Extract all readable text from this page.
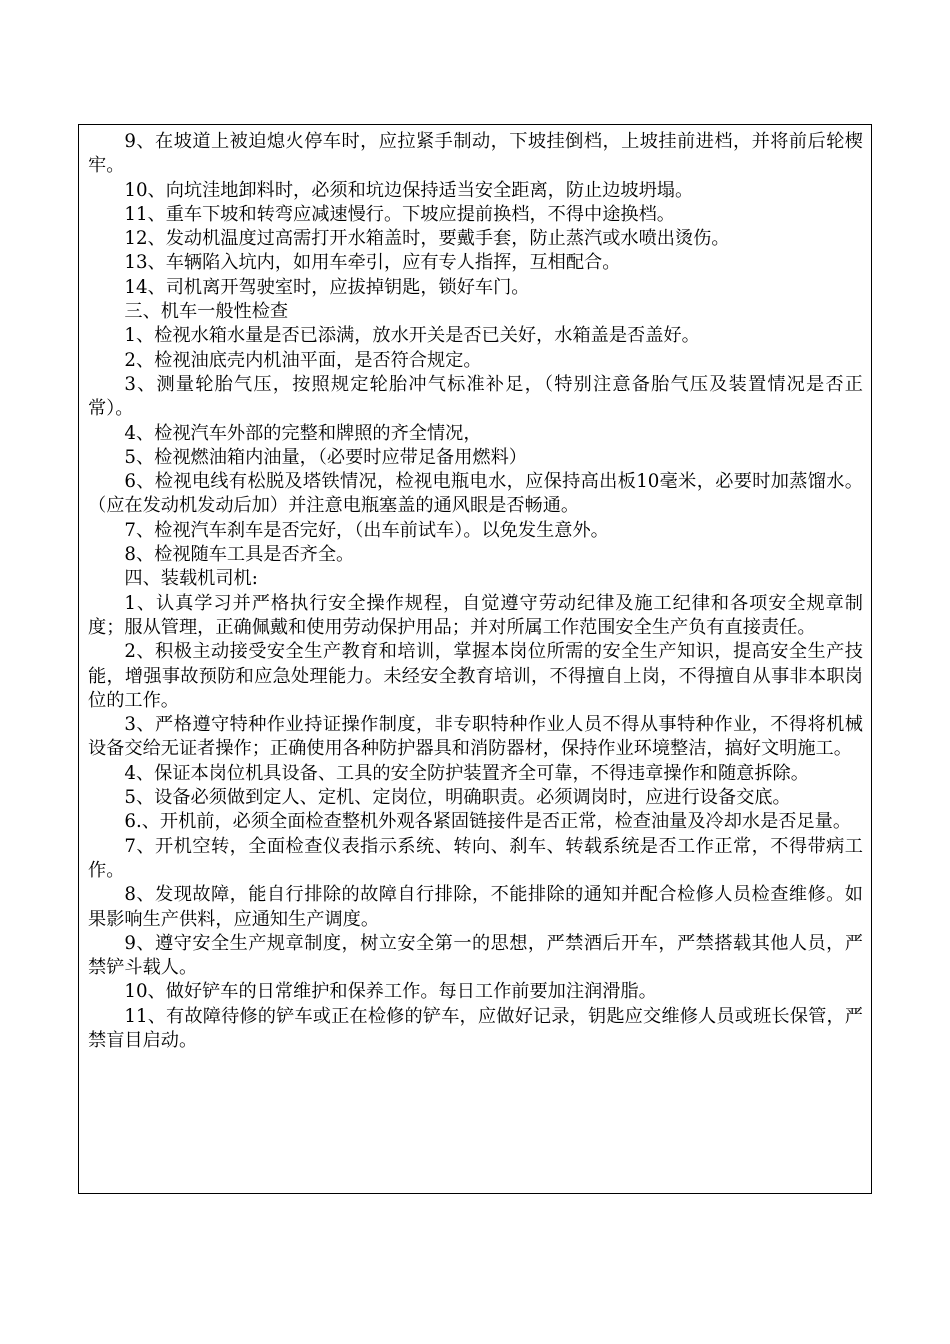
9、在坡道上被迫熄火停车时，应拉紧手制动，下坡挂倒档，上坡挂前进档，并将前后轮楔牢。

10、向坑洼地卸料时，必须和坑边保持适当安全距离，防止边坡坍塌。

11、重车下坡和转弯应减速慢行。下坡应提前换档，不得中途换档。

12、发动机温度过高需打开水箱盖时，要戴手套，防止蒸汽或水喷出烫伤。

13、车辆陷入坑内，如用车牵引，应有专人指挥，互相配合。

14、司机离开驾驶室时，应拔掉钥匙，锁好车门。

三、机车一般性检查

1、检视水箱水量是否已添满，放水开关是否已关好，水箱盖是否盖好。

2、检视油底壳内机油平面，是否符合规定。

3、测量轮胎气压，按照规定轮胎冲气标准补足，（特别注意备胎气压及装置情况是否正常）。

4、检视汽车外部的完整和牌照的齐全情况，

5、检视燃油箱内油量，（必要时应带足备用燃料）

6、检视电线有松脱及塔铁情况，检视电瓶电水，应保持高出板10毫米，必要时加蒸馏水。（应在发动机发动后加）并注意电瓶塞盖的通风眼是否畅通。

7、检视汽车刹车是否完好，（出车前试车）。以免发生意外。

8、检视随车工具是否齐全。

四、装载机司机:

1、认真学习并严格执行安全操作规程，自觉遵守劳动纪律及施工纪律和各项安全规章制度；服从管理，正确佩戴和使用劳动保护用品；并对所属工作范围安全生产负有直接责任。

2、积极主动接受安全生产教育和培训，掌握本岗位所需的安全生产知识，提高安全生产技能，增强事故预防和应急处理能力。未经安全教育培训，不得擅自上岗，不得擅自从事非本职岗位的工作。

3、严格遵守特种作业持证操作制度，非专职特种作业人员不得从事特种作业，不得将机械设备交给无证者操作；正确使用各种防护器具和消防器材，保持作业环境整洁，搞好文明施工。

4、保证本岗位机具设备、工具的安全防护装置齐全可靠，不得违章操作和随意拆除。

5、设备必须做到定人、定机、定岗位，明确职责。必须调岗时，应进行设备交底。

6.、开机前，必须全面检查整机外观各紧固链接件是否正常，检查油量及冷却水是否足量。

7、开机空转，全面检查仪表指示系统、转向、刹车、转载系统是否工作正常，不得带病工作。

8、发现故障，能自行排除的故障自行排除，不能排除的通知并配合检修人员检查维修。如果影响生产供料，应通知生产调度。

9、遵守安全生产规章制度，树立安全第一的思想，严禁酒后开车，严禁搭载其他人员，严禁铲斗载人。

10、做好铲车的日常维护和保养工作。每日工作前要加注润滑脂。

11、有故障待修的铲车或正在检修的铲车，应做好记录，钥匙应交维修人员或班长保管，严禁盲目启动。
